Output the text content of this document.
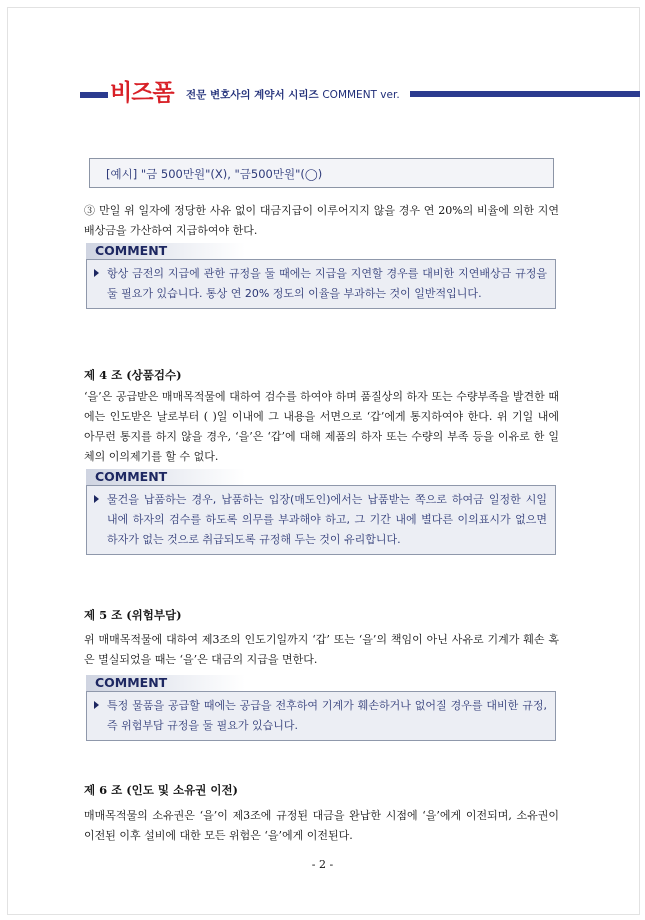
비즈폼 전문 변호사의 계약서 시리즈 COMMENT ver.
[예시] "금 500만원"(X), "금500만원"(◯)

③ 만일 위 일자에 정당한 사유 없이 대금지급이 이루어지지 않을 경우 연 20%의 비율에 의한 지연배상금을 가산하여 지급하여야 한다.

COMMENT
항상 금전의 지급에 관한 규정을 둘 때에는 지급을 지연할 경우를 대비한 지연배상금 규정을 둘 필요가 있습니다. 통상 연 20% 정도의 이율을 부과하는 것이 일반적입니다.
제 4 조 (상품검수)

‘을’은 공급받은 매매목적물에 대하여 검수를 하여야 하며 품질상의 하자 또는 수량부족을 발견한 때에는 인도받은 날로부터 ( )일 이내에 그 내용을 서면으로 ‘갑’에게 통지하여야 한다. 위 기일 내에 아무런 통지를 하지 않을 경우, ‘을’은 ‘갑’에 대해 제품의 하자 또는 수량의 부족 등을 이유로 한 일체의 이의제기를 할 수 없다.

COMMENT
물건을 납품하는 경우, 납품하는 입장(매도인)에서는 납품받는 쪽으로 하여금 일정한 시일 내에 하자의 검수를 하도록 의무를 부과해야 하고, 그 기간 내에 별다른 이의표시가 없으면 하자가 없는 것으로 취급되도록 규정해 두는 것이 유리합니다.
제 5 조 (위험부담)

위 매매목적물에 대하여 제3조의 인도기일까지 ‘갑’ 또는 ‘을’의 책임이 아닌 사유로 기계가 훼손 혹은 멸실되었을 때는 ‘을’은 대금의 지급을 면한다.

COMMENT
특정 물품을 공급할 때에는 공급을 전후하여 기계가 훼손하거나 없어질 경우를 대비한 규정, 즉 위험부담 규정을 둘 필요가 있습니다.
제 6 조 (인도 및 소유권 이전)

매매목적물의 소유권은 ‘을’이 제3조에 규정된 대금을 완납한 시점에 ‘을’에게 이전되며, 소유권이 이전된 이후 설비에 대한 모든 위험은 ‘을’에게 이전된다.

- 2 -
